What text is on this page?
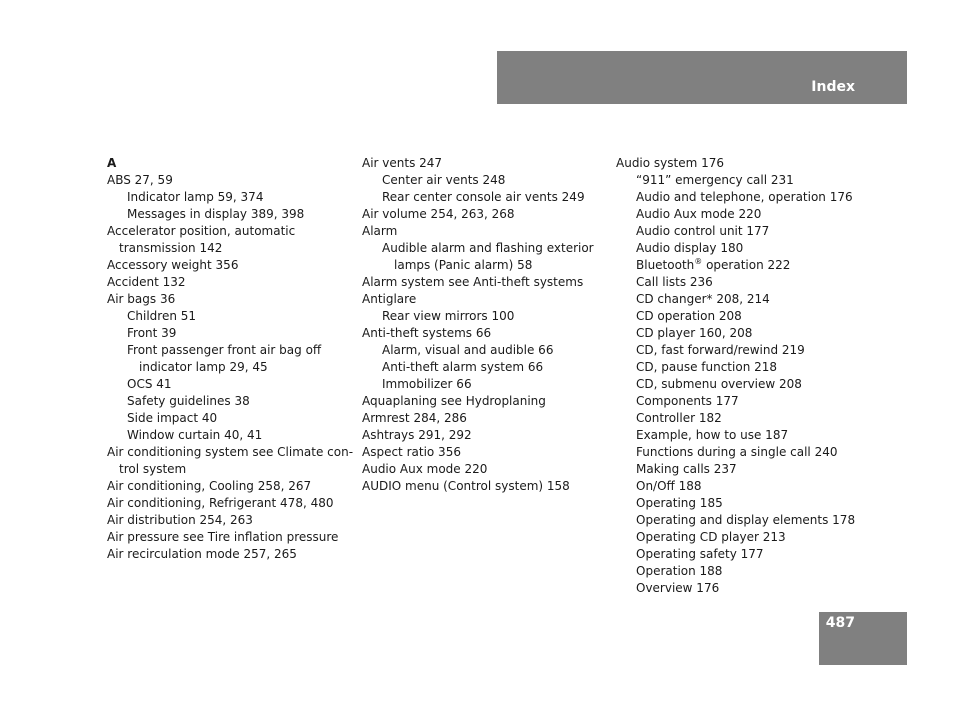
Index
A
ABS 27, 59
Indicator lamp 59, 374
Messages in display 389, 398
Accelerator position, automatic
transmission 142
Accessory weight 356
Accident 132
Air bags 36
Children 51
Front 39
Front passenger front air bag off
indicator lamp 29, 45
OCS 41
Safety guidelines 38
Side impact 40
Window curtain 40, 41
Air conditioning system see Climate con-
trol system
Air conditioning, Cooling 258, 267
Air conditioning, Refrigerant 478, 480
Air distribution 254, 263
Air pressure see Tire inflation pressure
Air recirculation mode 257, 265
Air vents 247
Center air vents 248
Rear center console air vents 249
Air volume 254, 263, 268
Alarm
Audible alarm and flashing exterior
lamps (Panic alarm) 58
Alarm system see Anti-theft systems
Antiglare
Rear view mirrors 100
Anti-theft systems 66
Alarm, visual and audible 66
Anti-theft alarm system 66
Immobilizer 66
Aquaplaning see Hydroplaning
Armrest 284, 286
Ashtrays 291, 292
Aspect ratio 356
Audio Aux mode 220
AUDIO menu (Control system) 158
Audio system 176
“911” emergency call 231
Audio and telephone, operation 176
Audio Aux mode 220
Audio control unit 177
Audio display 180
Bluetooth® operation 222
Call lists 236
CD changer* 208, 214
CD operation 208
CD player 160, 208
CD, fast forward/rewind 219
CD, pause function 218
CD, submenu overview 208
Components 177
Controller 182
Example, how to use 187
Functions during a single call 240
Making calls 237
On/Off 188
Operating 185
Operating and display elements 178
Operating CD player 213
Operating safety 177
Operation 188
Overview 176
487
